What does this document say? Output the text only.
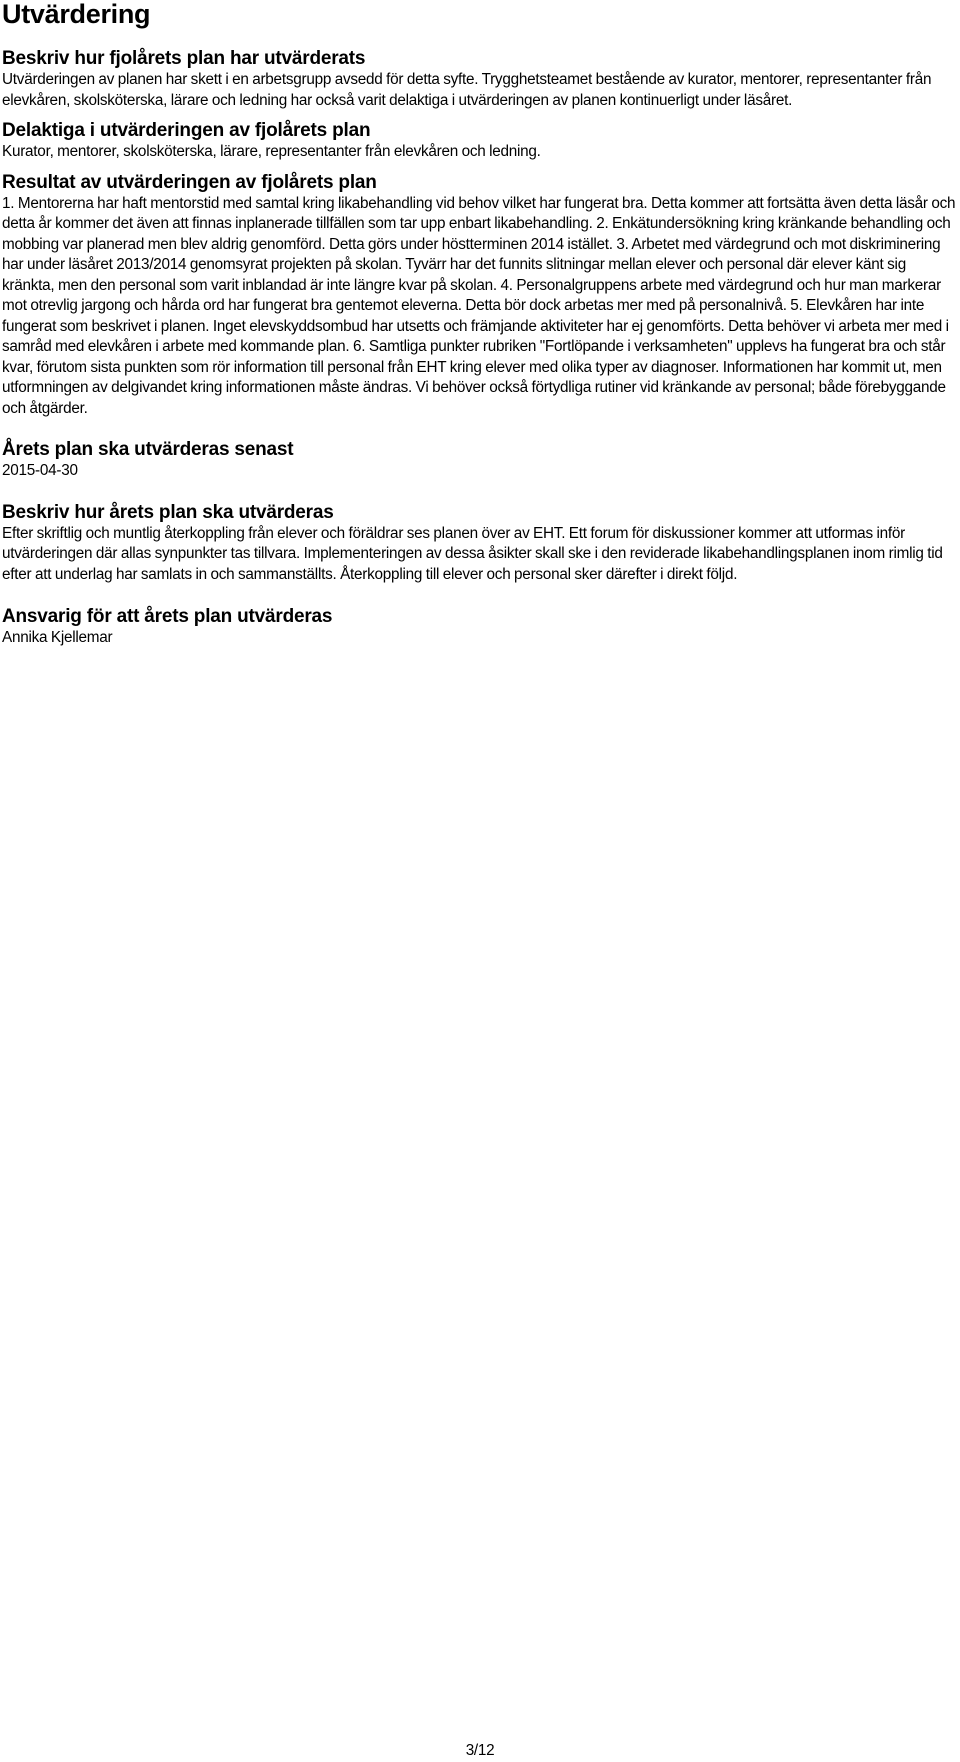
Utvärdering
Beskriv hur fjolårets plan har utvärderats

Utvärderingen av planen har skett i en arbetsgrupp avsedd för detta syfte. Trygghetsteamet bestående av kurator, mentorer, representanter från elevkåren, skolsköterska, lärare och ledning har också varit delaktiga i utvärderingen av planen kontinuerligt under läsåret.

Delaktiga i utvärderingen av fjolårets plan

Kurator, mentorer, skolsköterska, lärare, representanter från elevkåren och ledning.

Resultat av utvärderingen av fjolårets plan

1. Mentorerna har haft mentorstid med samtal kring likabehandling vid behov vilket har fungerat bra. Detta kommer att fortsätta även detta läsår och detta år kommer det även att finnas inplanerade tillfällen som tar upp enbart likabehandling. 2. Enkätundersökning kring kränkande behandling och mobbing var planerad men blev aldrig genomförd. Detta görs under höstterminen 2014 istället. 3. Arbetet med värdegrund och mot diskriminering har under läsåret 2013/2014 genomsyrat projekten på skolan. Tyvärr har det funnits slitningar mellan elever och personal där elever känt sig kränkta, men den personal som varit inblandad är inte längre kvar på skolan. 4. Personalgruppens arbete med värdegrund och hur man markerar mot otrevlig jargong och hårda ord har fungerat bra gentemot eleverna. Detta bör dock arbetas mer med på personalnivå. 5. Elevkåren har inte fungerat som beskrivet i planen. Inget elevskyddsombud har utsetts och främjande aktiviteter har ej genomförts. Detta behöver vi arbeta mer med i samråd med elevkåren i arbete med kommande plan. 6. Samtliga punkter rubriken "Fortlöpande i verksamheten" upplevs ha fungerat bra och står kvar, förutom sista punkten som rör information till personal från EHT kring elever med olika typer av diagnoser. Informationen har kommit ut, men utformningen av delgivandet kring informationen måste ändras. Vi behöver också förtydliga rutiner vid kränkande av personal; både förebyggande och åtgärder.

Årets plan ska utvärderas senast

2015-04-30

Beskriv hur årets plan ska utvärderas

Efter skriftlig och muntlig återkoppling från elever och föräldrar ses planen över av EHT. Ett forum för diskussioner kommer att utformas inför utvärderingen där allas synpunkter tas tillvara. Implementeringen av dessa åsikter skall ske i den reviderade likabehandlingsplanen inom rimlig tid efter att underlag har samlats in och sammanställts. Återkoppling till elever och personal sker därefter i direkt följd.

Ansvarig för att årets plan utvärderas

Annika Kjellemar

3/12
